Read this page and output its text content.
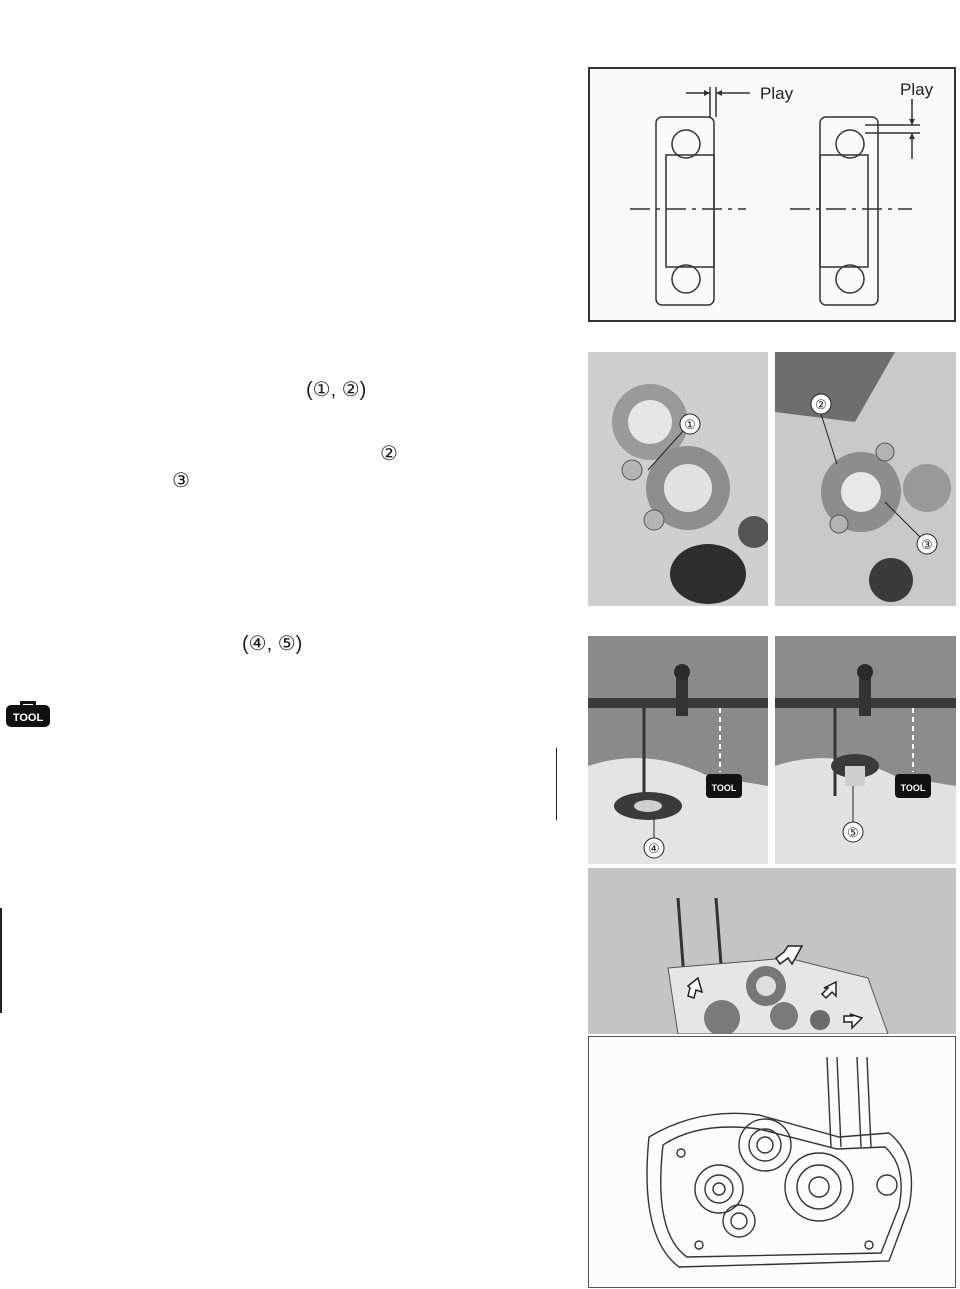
(①, ②)
②
③
(④, ⑤)
TOOL
Play	Play
①
②
③
TOOL
④
TOOL
⑤
